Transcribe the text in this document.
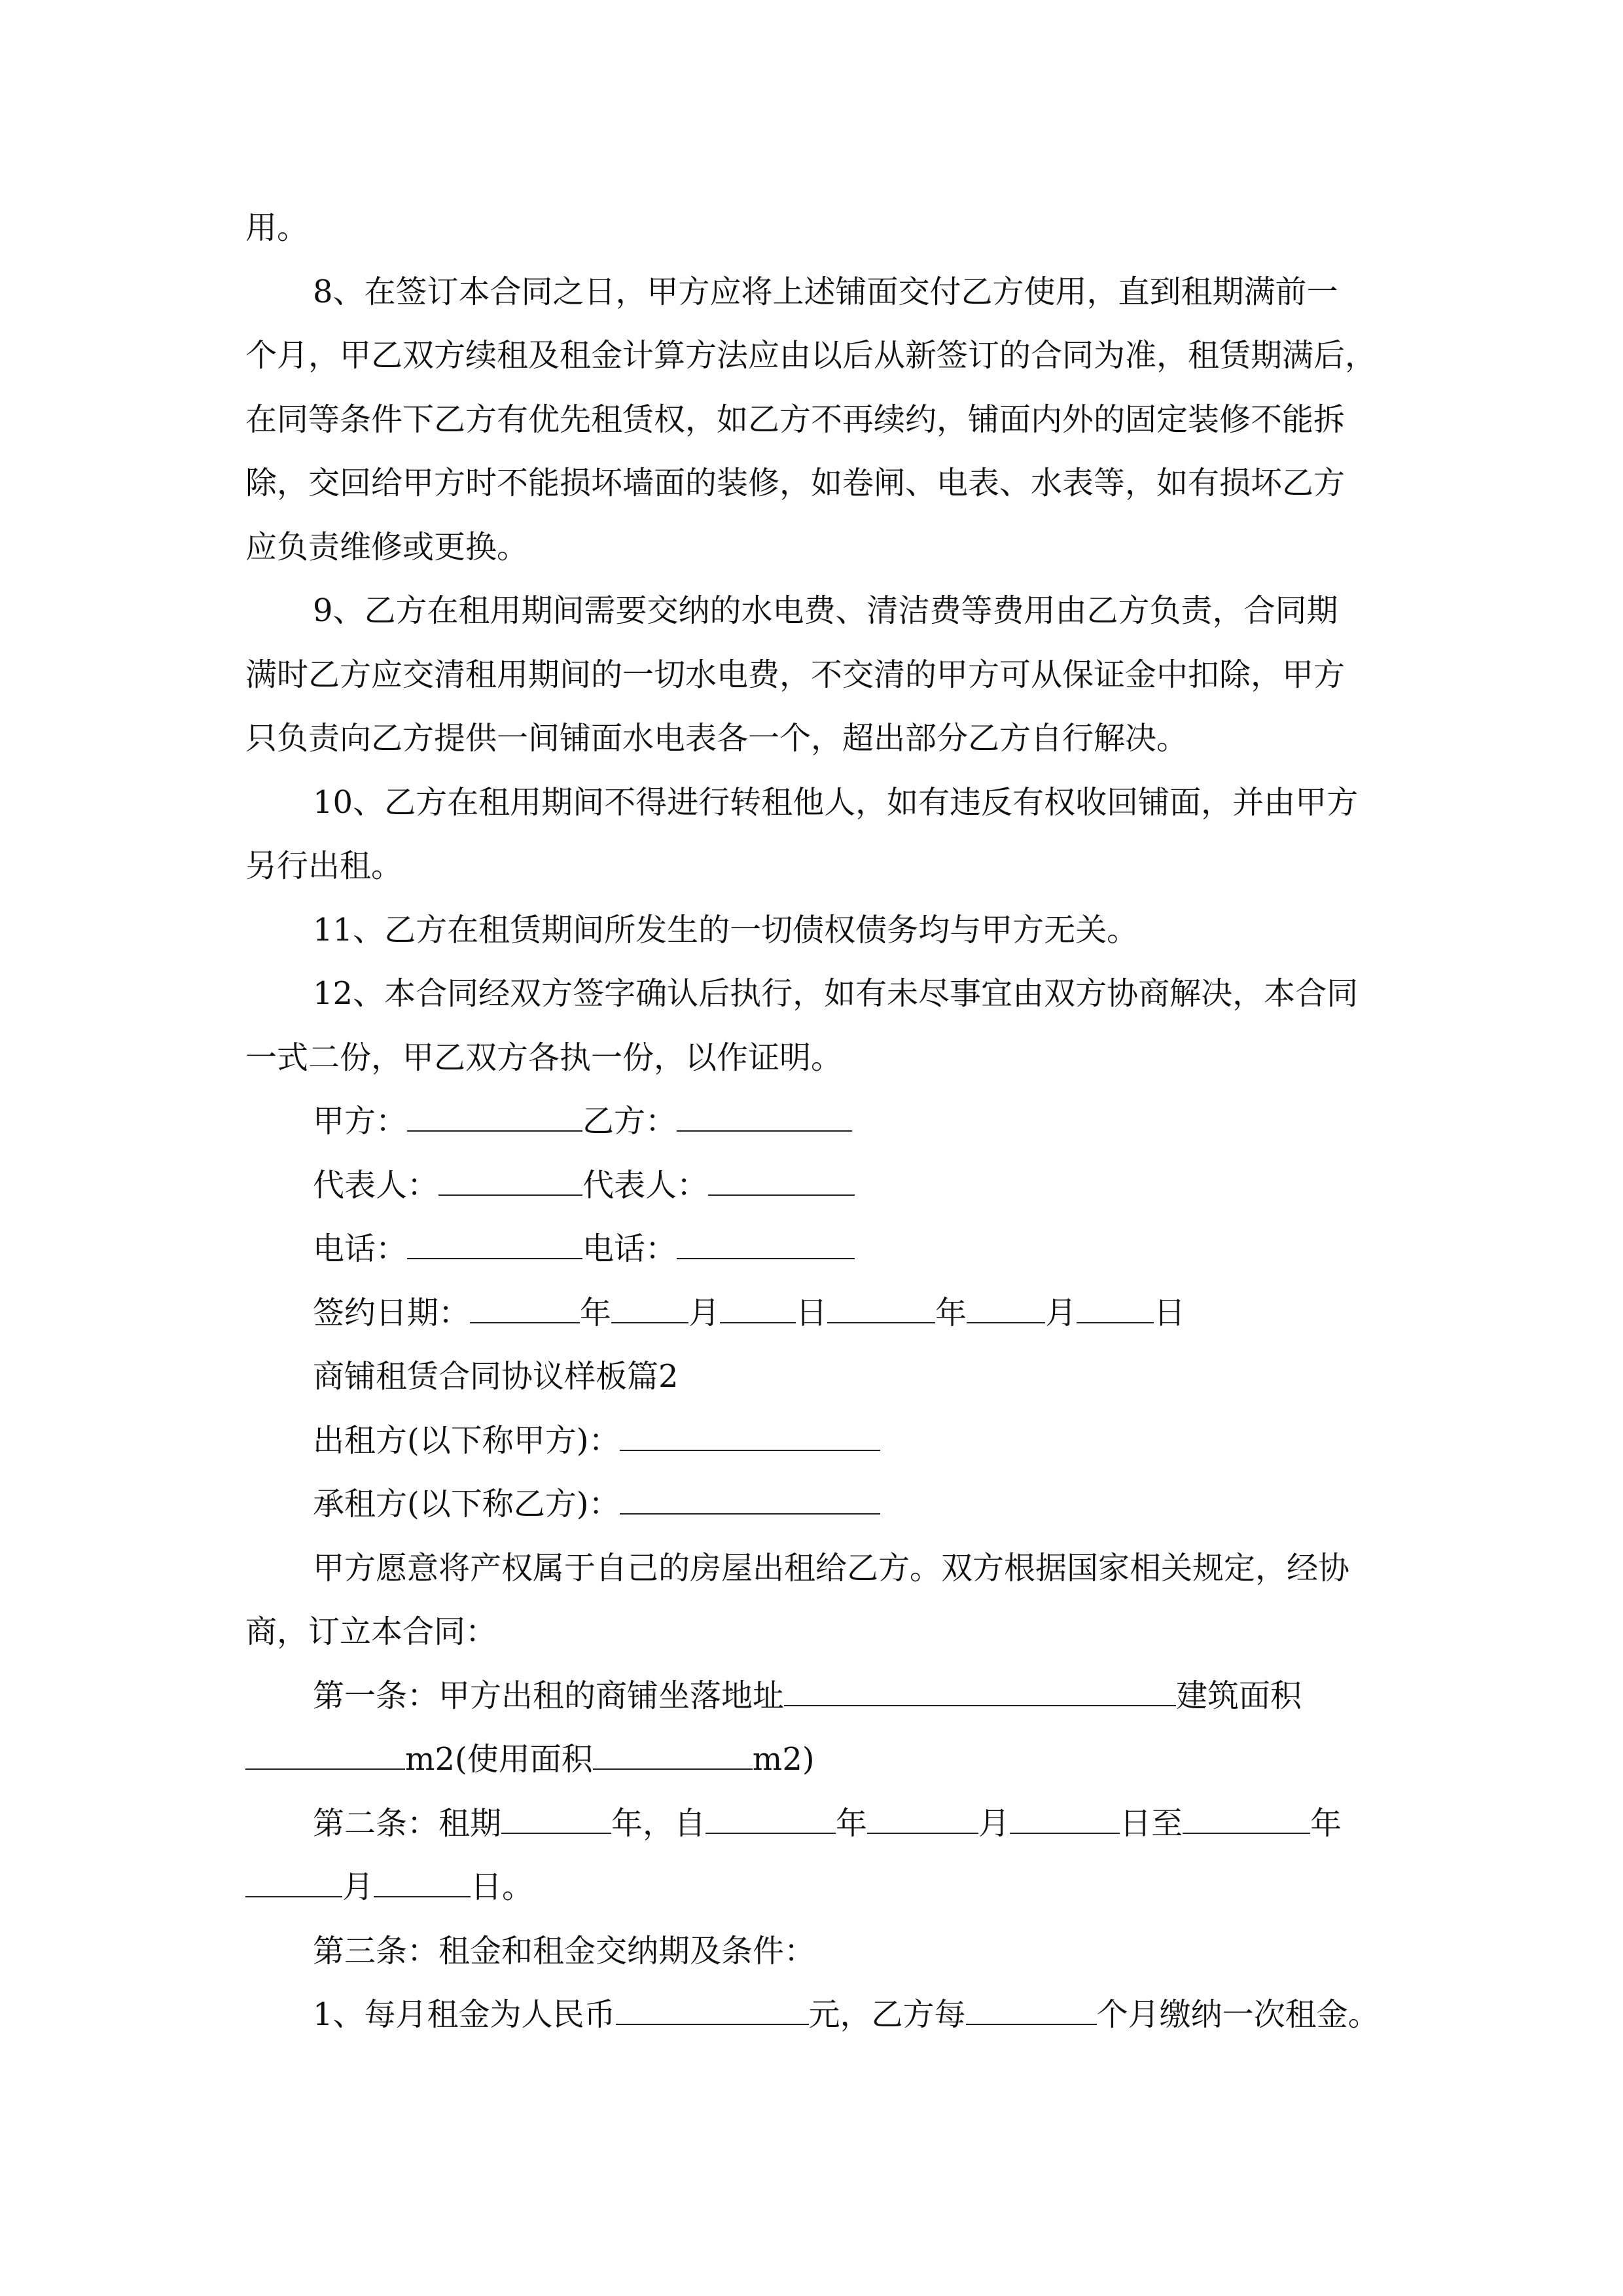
用。
8、在签订本合同之日，甲方应将上述铺面交付乙方使用，直到租期满前一
个月，甲乙双方续租及租金计算方法应由以后从新签订的合同为准，租赁期满后，
在同等条件下乙方有优先租赁权，如乙方不再续约，铺面内外的固定装修不能拆
除，交回给甲方时不能损坏墙面的装修，如卷闸、电表、水表等，如有损坏乙方
应负责维修或更换。
9、乙方在租用期间需要交纳的水电费、清洁费等费用由乙方负责，合同期
满时乙方应交清租用期间的一切水电费，不交清的甲方可从保证金中扣除，甲方
只负责向乙方提供一间铺面水电表各一个，超出部分乙方自行解决。
10、乙方在租用期间不得进行转租他人，如有违反有权收回铺面，并由甲方
另行出租。
11、乙方在租赁期间所发生的一切债权债务均与甲方无关。
12、本合同经双方签字确认后执行，如有未尽事宜由双方协商解决，本合同
一式二份，甲乙双方各执一份，以作证明。
甲方：	乙方：
代表人：	代表人：
电话：	电话：
签约日期：	年 月 日	年	月 日
商铺租赁合同协议样板篇2
出租方(以下称甲方)：
承租方(以下称乙方)：
甲方愿意将产权属于自己的房屋出租给乙方。双方根据国家相关规定，经协
商，订立本合同：
第一条：甲方出租的商铺坐落地址	建筑面积
m2(使用面积	m2)
第二条：租期	年，自	年	月	日至	年
月	日。
第三条：租金和租金交纳期及条件：
1、每月租金为人民币	元，乙方每	个月缴纳一次租金。
